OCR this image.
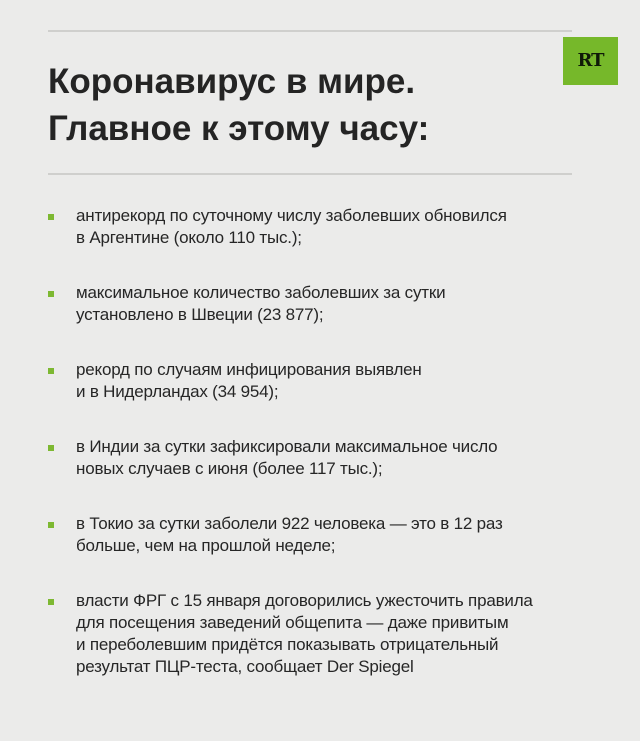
RT
Коронавирус в мире.
Главное к этому часу:
антирекорд по суточному числу заболевших обновился
в Аргентине (около 110 тыс.);
максимальное количество заболевших за сутки
установлено в Швеции (23 877);
рекорд по случаям инфицирования выявлен
и в Нидерландах (34 954);
в Индии за сутки зафиксировали максимальное число
новых случаев с июня (более 117 тыс.);
в Токио за сутки заболели 922 человека — это в 12 раз
больше, чем на прошлой неделе;
власти ФРГ с 15 января договорились ужесточить правила
для посещения заведений общепита — даже привитым
и переболевшим придётся показывать отрицательный
результат ПЦР-теста, сообщает Der Spiegel
